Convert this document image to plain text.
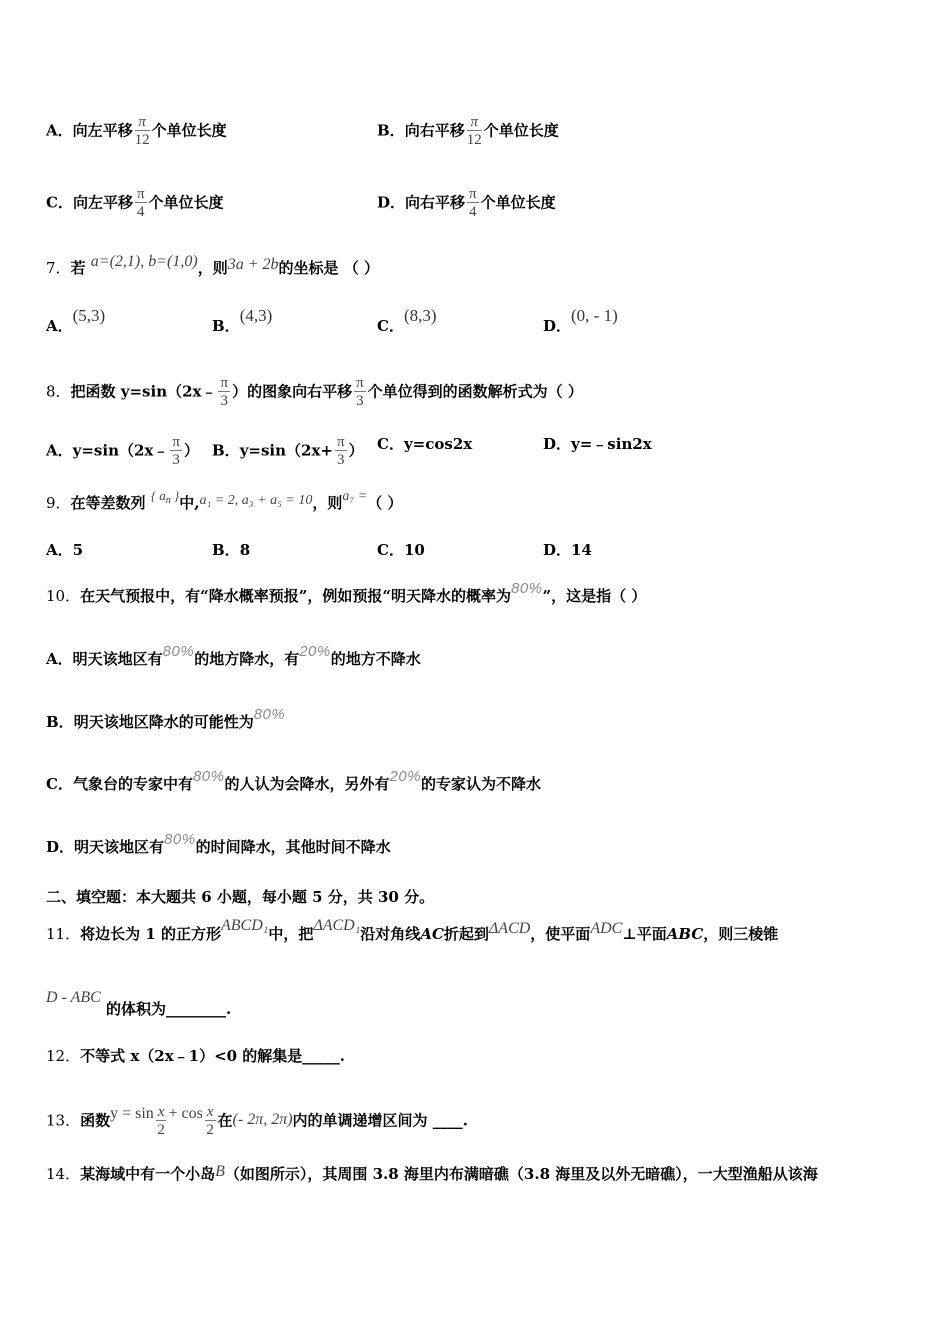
A．向左平移 $\frac{\pi}{12}$ 个单位长度	B．向右平移 $\frac{\pi}{12}$ 个单位长度
C．向左平移 $\frac{\pi}{4}$ 个单位长度	D．向右平移 $\frac{\pi}{4}$ 个单位长度
7．若 a=(2,1), b=(1,0)，则3a + 2b的坐标是 （ ）
A．(5,3)
B．(4,3)
C．(8,3)
D．(0, - 1)
8．把函数 y=sin（2x﹣ $\frac{\pi}{3}$ ）的图象向右平移 $\frac{\pi}{3}$ 个单位得到的函数解析式为（ ）
A．y=sin（2x﹣ $\frac{\pi}{3}$ ） B．$y=\sin(2x+ \frac{\pi}{3}$ ） C．y=cos2x	D．y=﹣sin2x
9．在等差数列 { $a_n$ }中,a₁ = 2, a₃ + a₅ = 10，则a₇ =（ ）
A．5	B．8	C．10	D．14
10．在天气预报中，有“降水概率预报”，例如预报“明天降水的概率为80%”，这是指（ ）
A．明天该地区有80%的地方降水，有20%的地方不降水
B．明天该地区降水的可能性为80%
C．气象台的专家中有80%的人认为会降水，另外有20%的专家认为不降水
D．明天该地区有80%的时间降水，其他时间不降水
二、填空题：本大题共 6 小题，每小题 5 分，共 30 分。
11．将边长为 1 的正方形ABCD₁中，把ΔACD₁沿对角线AC折起到ΔACD，使平面ADC⊥平面ABC，则三棱锥
D - ABC 的体积为________.
12．不等式 x（2x﹣1）<0 的解集是_____.
13．函数$y = \sin \frac{x}{2} + \cos \frac{x}{2}$ 在(- 2π, 2π)内的单调递增区间为 ____.
14．某海域中有一个小岛B（如图所示），其周围 3.8 海里内布满暗礁（3.8 海里及以外无暗礁），一大型渔船从该海
